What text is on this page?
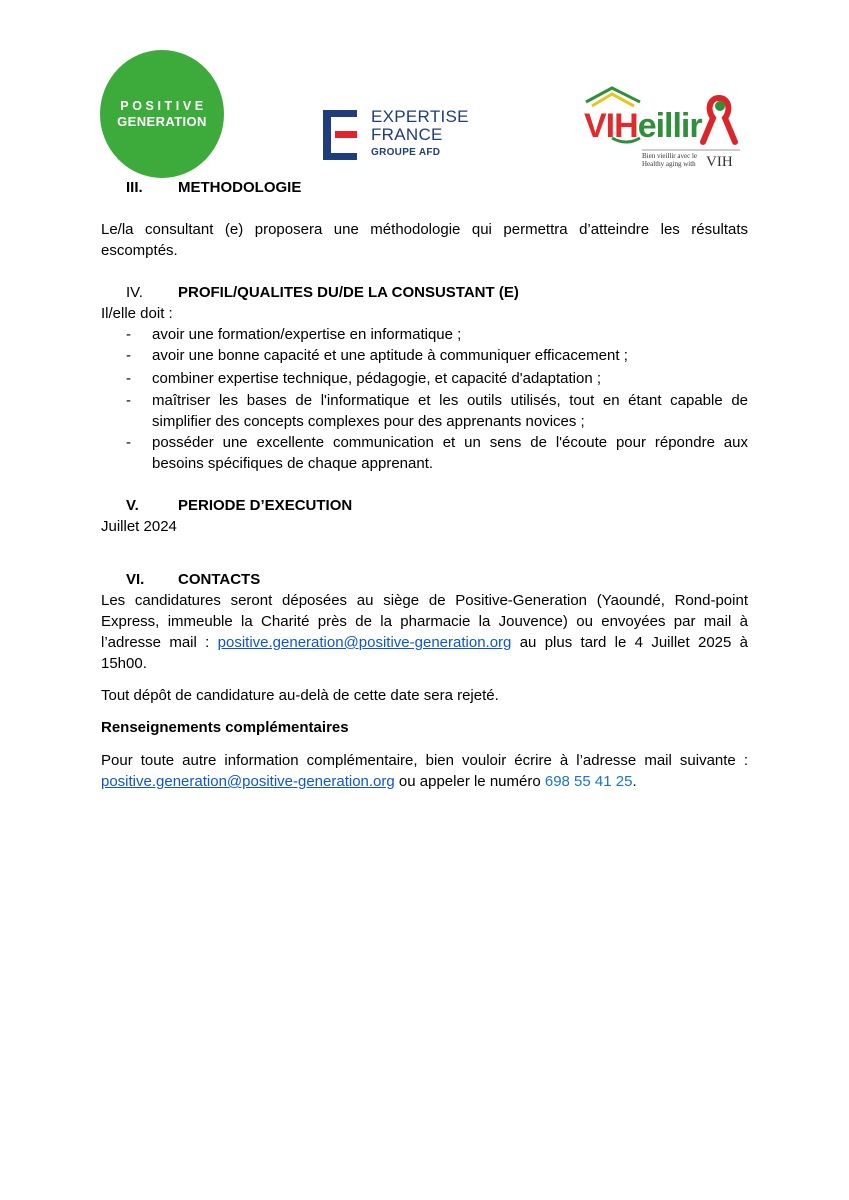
POSITIVE
GENERATION	EXPERTISE
FRANCE
GROUPE AFD
VIHeillir
Bien vieillir avec le
Healthy aging with VIH
III. METHODOLOGIE
Le/la consultant (e) proposera une méthodologie qui permettra d’atteindre les résultats
escomptés.
IV. PROFIL/QUALITES DU/DE LA CONSUSTANT (E)
Il/elle doit :
- avoir une formation/expertise en informatique ;
- avoir une bonne capacité et une aptitude à communiquer efficacement ;
- combiner expertise technique, pédagogie, et capacité d'adaptation ;
- maîtriser les bases de l'informatique et les outils utilisés, tout en étant capable de
simplifier des concepts complexes pour des apprenants novices ;
- posséder une excellente communication et un sens de l'écoute pour répondre aux
besoins spécifiques de chaque apprenant.
V.	PERIODE D’EXECUTION
Juillet 2024
VI. CONTACTS
Les candidatures seront déposées au siège de Positive-Generation (Yaoundé, Rond-point
Express, immeuble la Charité près de la pharmacie la Jouvence) ou envoyées par mail à
l’adresse mail : positive.generation@positive-generation.org au plus tard le 4 Juillet 2025 à
15h00.
Tout dépôt de candidature au-delà de cette date sera rejeté.
Renseignements complémentaires
Pour toute autre information complémentaire, bien vouloir écrire à l’adresse mail suivante :
positive.generation@positive-generation.org ou appeler le numéro 698 55 41 25.
